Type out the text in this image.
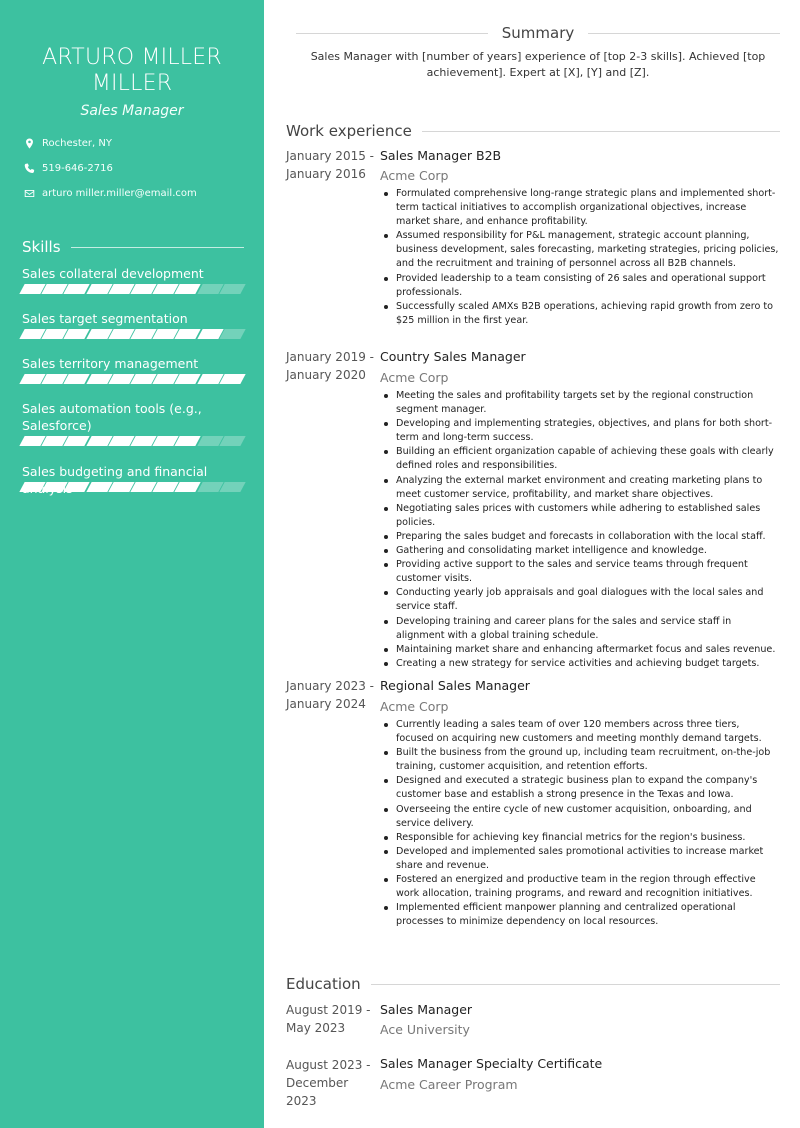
ARTURO MILLER
MILLER
Sales Manager
Rochester, NY
519-646-2716
arturo miller.miller@email.com
Skills
Sales collateral development
Sales target segmentation
Sales territory management
Sales automation tools (e.g., Salesforce)
Sales budgeting and financial
Summary
Sales Manager with [number of years] experience of [top 2-3 skills]. Achieved [top achievement]. Expert at [X], [Y] and [Z].
Work experience
January 2015 -
January 2016
Sales Manager B2B
Acme Corp
Formulated comprehensive long-range strategic plans and implemented short-term tactical initiatives to accomplish organizational objectives, increase market share, and enhance profitability.
Assumed responsibility for P&L management, strategic account planning, business development, sales forecasting, marketing strategies, pricing policies, and the recruitment and training of personnel across all B2B channels.
Provided leadership to a team consisting of 26 sales and operational support professionals.
Successfully scaled AMXs B2B operations, achieving rapid growth from zero to $25 million in the first year.
January 2019 -
January 2020
Country Sales Manager
Acme Corp
Meeting the sales and profitability targets set by the regional construction segment manager.
Developing and implementing strategies, objectives, and plans for both short-term and long-term success.
Building an efficient organization capable of achieving these goals with clearly defined roles and responsibilities.
Analyzing the external market environment and creating marketing plans to meet customer service, profitability, and market share objectives.
Negotiating sales prices with customers while adhering to established sales policies.
Preparing the sales budget and forecasts in collaboration with the local staff.
Gathering and consolidating market intelligence and knowledge.
Providing active support to the sales and service teams through frequent customer visits.
Conducting yearly job appraisals and goal dialogues with the local sales and service staff.
Developing training and career plans for the sales and service staff in alignment with a global training schedule.
Maintaining market share and enhancing aftermarket focus and sales revenue.
Creating a new strategy for service activities and achieving budget targets.
January 2023 -
January 2024
Regional Sales Manager
Acme Corp
Currently leading a sales team of over 120 members across three tiers, focused on acquiring new customers and meeting monthly demand targets.
Built the business from the ground up, including team recruitment, on-the-job training, customer acquisition, and retention efforts.
Designed and executed a strategic business plan to expand the company's customer base and establish a strong presence in the Texas and Iowa.
Overseeing the entire cycle of new customer acquisition, onboarding, and service delivery.
Responsible for achieving key financial metrics for the region's business.
Developed and implemented sales promotional activities to increase market share and revenue.
Fostered an energized and productive team in the region through effective work allocation, training programs, and reward and recognition initiatives.
Implemented efficient manpower planning and centralized operational processes to minimize dependency on local resources.
Education
August 2019 -
May 2023
Sales Manager
Ace University
August 2023 -
December 2023
Sales Manager Specialty Certificate
Acme Career Program
